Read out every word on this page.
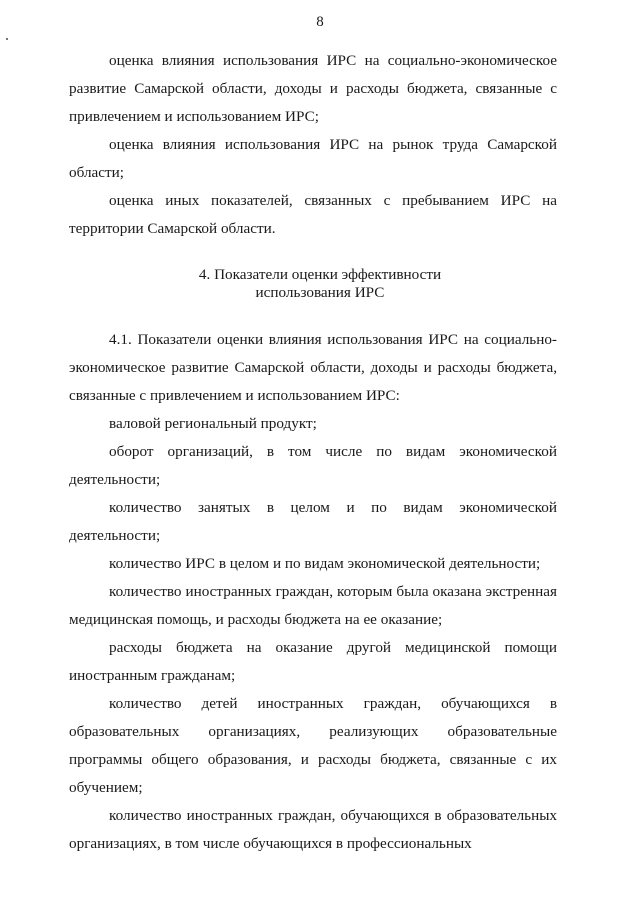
8

оценка влияния использования ИРС на социально-экономическое развитие Самарской области, доходы и расходы бюджета, связанные с привлечением и использованием ИРС;

оценка влияния использования ИРС на рынок труда Самарской области;

оценка иных показателей, связанных с пребыванием ИРС на территории Самарской области.

4. Показатели оценки эффективности
использования ИРС

4.1. Показатели оценки влияния использования ИРС на социально-экономическое развитие Самарской области, доходы и расходы бюджета, связанные с привлечением и использованием ИРС:

валовой региональный продукт;

оборот организаций, в том числе по видам экономической деятельности;

количество занятых в целом и по видам экономической деятельности;

количество ИРС в целом и по видам экономической деятельности;

количество иностранных граждан, которым была оказана экстренная медицинская помощь, и расходы бюджета на ее оказание;

расходы бюджета на оказание другой медицинской помощи иностранным гражданам;

количество детей иностранных граждан, обучающихся в образовательных организациях, реализующих образовательные программы общего образования, и расходы бюджета, связанные с их обучением;

количество иностранных граждан, обучающихся в образовательных организациях, в том числе обучающихся в профессиональных
